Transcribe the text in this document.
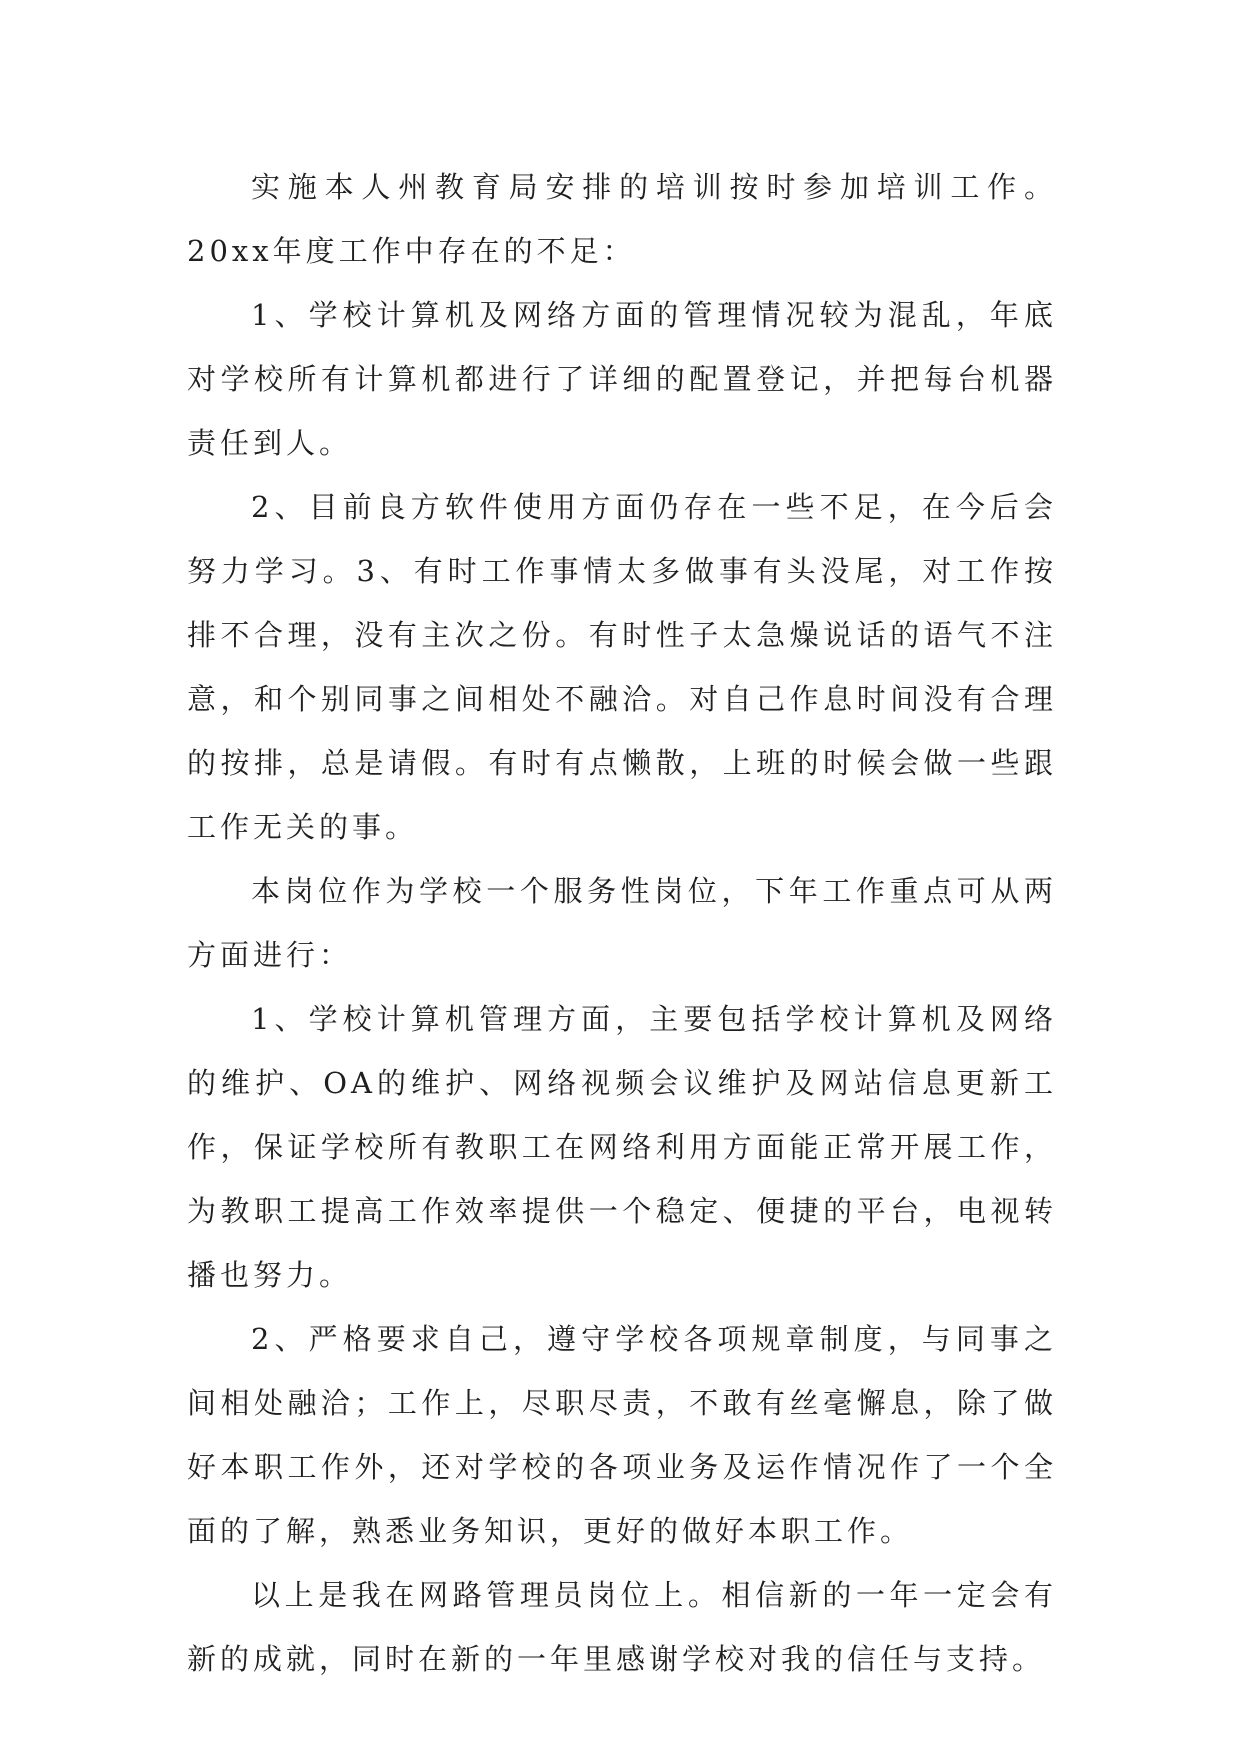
实施本人州教育局安排的培训按时参加培训工作。20xx年度工作中存在的不足：

1、学校计算机及网络方面的管理情况较为混乱，年底对学校所有计算机都进行了详细的配置登记，并把每台机器责任到人。

2、目前良方软件使用方面仍存在一些不足，在今后会努力学习。3、有时工作事情太多做事有头没尾，对工作按排不合理，没有主次之份。有时性子太急燥说话的语气不注意，和个别同事之间相处不融洽。对自己作息时间没有合理的按排，总是请假。有时有点懒散，上班的时候会做一些跟工作无关的事。

本岗位作为学校一个服务性岗位，下年工作重点可从两方面进行：

1、学校计算机管理方面，主要包括学校计算机及网络的维护、OA的维护、网络视频会议维护及网站信息更新工作，保证学校所有教职工在网络利用方面能正常开展工作，为教职工提高工作效率提供一个稳定、便捷的平台，电视转播也努力。

2、严格要求自己，遵守学校各项规章制度，与同事之间相处融洽；工作上，尽职尽责，不敢有丝毫懈息，除了做好本职工作外，还对学校的各项业务及运作情况作了一个全面的了解，熟悉业务知识，更好的做好本职工作。

以上是我在网路管理员岗位上。相信新的一年一定会有新的成就，同时在新的一年里感谢学校对我的信任与支持。
